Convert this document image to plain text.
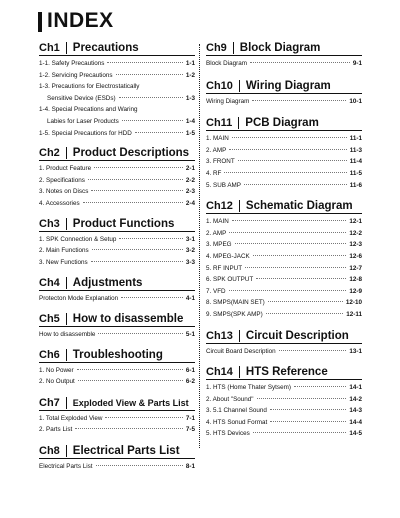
INDEX
Ch1 Precautions
1-1. Safety Precautions	1-1
1-2. Servicing Precautions	1-2
1-3. Precautions for Electrostatically
Sensitive Device (ESDs)	1-3
1-4. Special Precations and Waring
Labies for Laser Products	1-4
1-5. Special Precautions for HDD	1-5
Ch2 Product Descriptions
1. Product Feature	2-1
2. Specifications	2-2
3. Notes on Discs	2-3
4. Accessories	2-4
Ch3 Product Functions
1. SPK Connection & Setup	3-1
2. Main Functions	3-2
3. New Functions	3-3
Ch4 Adjustments
Protecton Mode Explanation	4-1
Ch5 How to disassemble
How to disassemble	5-1
Ch6 Troubleshooting
1. No Power	6-1
2. No Output	6-2
Ch7 Exploded View & Parts List
1. Total Exploded View	7-1
2. Parts List	7-5
Ch8 Electrical Parts List
Electrical Parts List	8-1
Ch9 Block Diagram
Block Diagram	9-1
Ch10 Wiring Diagram
Wiring Diagram	10-1
Ch11 PCB Diagram
1. MAIN	11-1
2. AMP	11-3
3. FRONT	11-4
4. RF	11-5
5. SUB AMP	11-6
Ch12 Schematic Diagram
1. MAIN	12-1
2. AMP	12-2
3. MPEG	12-3
4. MPEG-JACK	12-6
5. RF INPUT	12-7
6. SPK OUTPUT	12-8
7. VFD	12-9
8. SMPS(MAIN SET)	12-10
9. SMPS(SPK AMP)	12-11
Ch13 Circuit Description
Circuit Board Description	13-1
Ch14 HTS Reference
1. HTS (Home Thater Sytsem)	14-1
2. About "Sound"	14-2
3. 5.1 Channel Sound	14-3
4. HTS Sonud Format	14-4
5. HTS Devices	14-5
